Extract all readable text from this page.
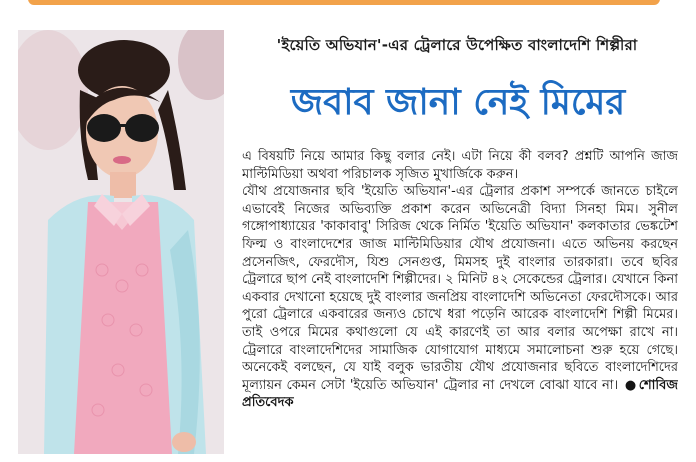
'ইয়েতি অভিযান'-এর ট্রেলারে উপেক্ষিত বাংলাদেশি শিল্পীরা
জবাব জানা নেই মিমের

এ বিষয়টি নিয়ে আমার কিছু বলার নেই। এটা নিয়ে কী বলব? প্রশ্নটি আপনি জাজ মাল্টিমিডিয়া অথবা পরিচালক সৃজিত মুখার্জিকে করুন।

যৌথ প্রযোজনার ছবি 'ইয়েতি অভিযান'-এর ট্রেলার প্রকাশ সম্পর্কে জানতে চাইলে এভাবেই নিজের অভিব্যক্তি প্রকাশ করেন অভিনেত্রী বিদ্যা সিনহা মিম। সুনীল গঙ্গোপাধ্যায়ের 'কাকাবাবু' সিরিজ থেকে নির্মিত 'ইয়েতি অভিযান' কলকাতার ভেঙ্কটেশ ফিল্ম ও বাংলাদেশের জাজ মাল্টিমিডিয়ার যৌথ প্রযোজনা। এতে অভিনয় করছেন প্রসেনজিৎ, ফেরদৌস, যিশু সেনগুপ্ত, মিমসহ দুই বাংলার তারকারা। তবে ছবির ট্রেলারে ছাপ নেই বাংলাদেশি শিল্পীদের। ২ মিনিট ৪২ সেকেন্ডের ট্রেলার। যেখানে কিনা একবার দেখানো হয়েছে দুই বাংলার জনপ্রিয় বাংলাদেশি অভিনেতা ফেরদৌসকে। আর পুরো ট্রেলারে একবারের জন্যও চোখে ধরা পড়েনি আরেক বাংলাদেশি শিল্পী মিমের। তাই ওপরে মিমের কথাগুলো যে এই কারণেই তা আর বলার অপেক্ষা রাখে না। ট্রেলারে বাংলাদেশিদের সামাজিক যোগাযোগ মাধ্যমে সমালোচনা শুরু হয়ে গেছে। অনেকেই বলছেন, যে যাই বলুক ভারতীয় যৌথ প্রযোজনার ছবিতে বাংলাদেশিদের মূল্যায়ন কেমন সেটা 'ইয়েতি অভিযান' ট্রেলার না দেখলে বোঝা যাবে না। ● শোবিজ প্রতিবেদক
